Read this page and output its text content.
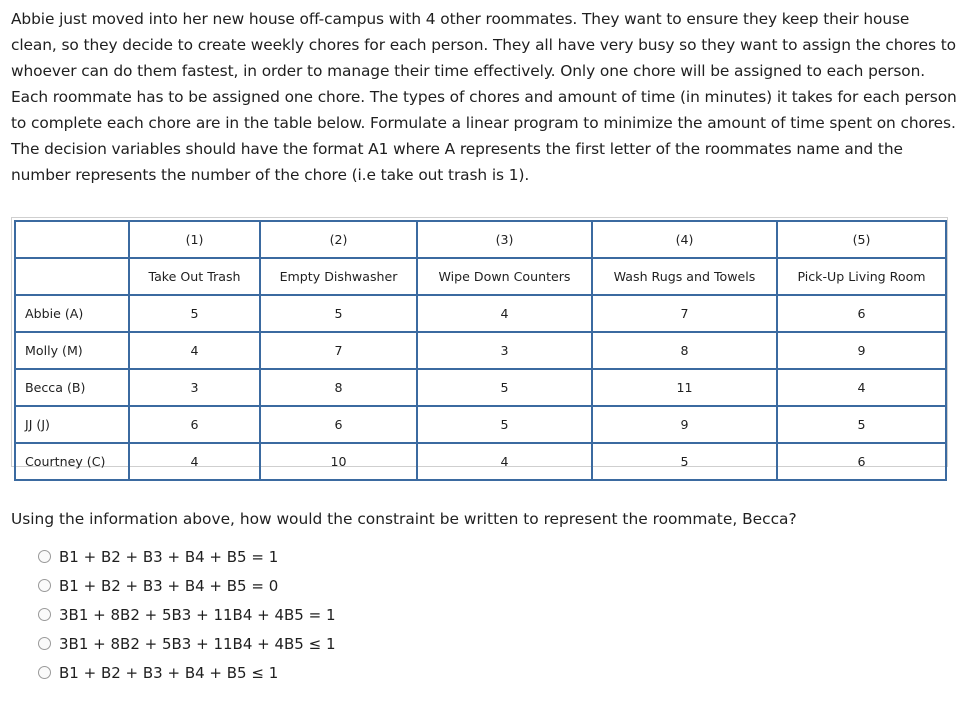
Abbie just moved into her new house off-campus with 4 other roommates. They want to ensure they keep their house clean, so they decide to create weekly chores for each person. They all have very busy so they want to assign the chores to whoever can do them fastest, in order to manage their time effectively. Only one chore will be assigned to each person. Each roommate has to be assigned one chore. The types of chores and amount of time (in minutes) it takes for each person to complete each chore are in the table below. Formulate a linear program to minimize the amount of time spent on chores. The decision variables should have the format A1 where A represents the first letter of the roommates name and the number represents the number of the chore (i.e take out trash is 1).
	(1)	(2)	(3)	(4)	(5)
	Take Out Trash	Empty Dishwasher	Wipe Down Counters	Wash Rugs and Towels	Pick-Up Living Room
Abbie (A)	5	5	4	7	6
Molly (M)	4	7	3	8	9
Becca (B)	3	8	5	11	4
JJ (J)	6	6	5	9	5
Courtney (C)	4	10	4	5	6
Using the information above, how would the constraint be written to represent the roommate, Becca?
B1 + B2 + B3 + B4 + B5 = 1
B1 + B2 + B3 + B4 + B5 = 0
3B1 + 8B2 + 5B3 + 11B4 + 4B5 = 1
3B1 + 8B2 + 5B3 + 11B4 + 4B5 ≤ 1
B1 + B2 + B3 + B4 + B5 ≤ 1
